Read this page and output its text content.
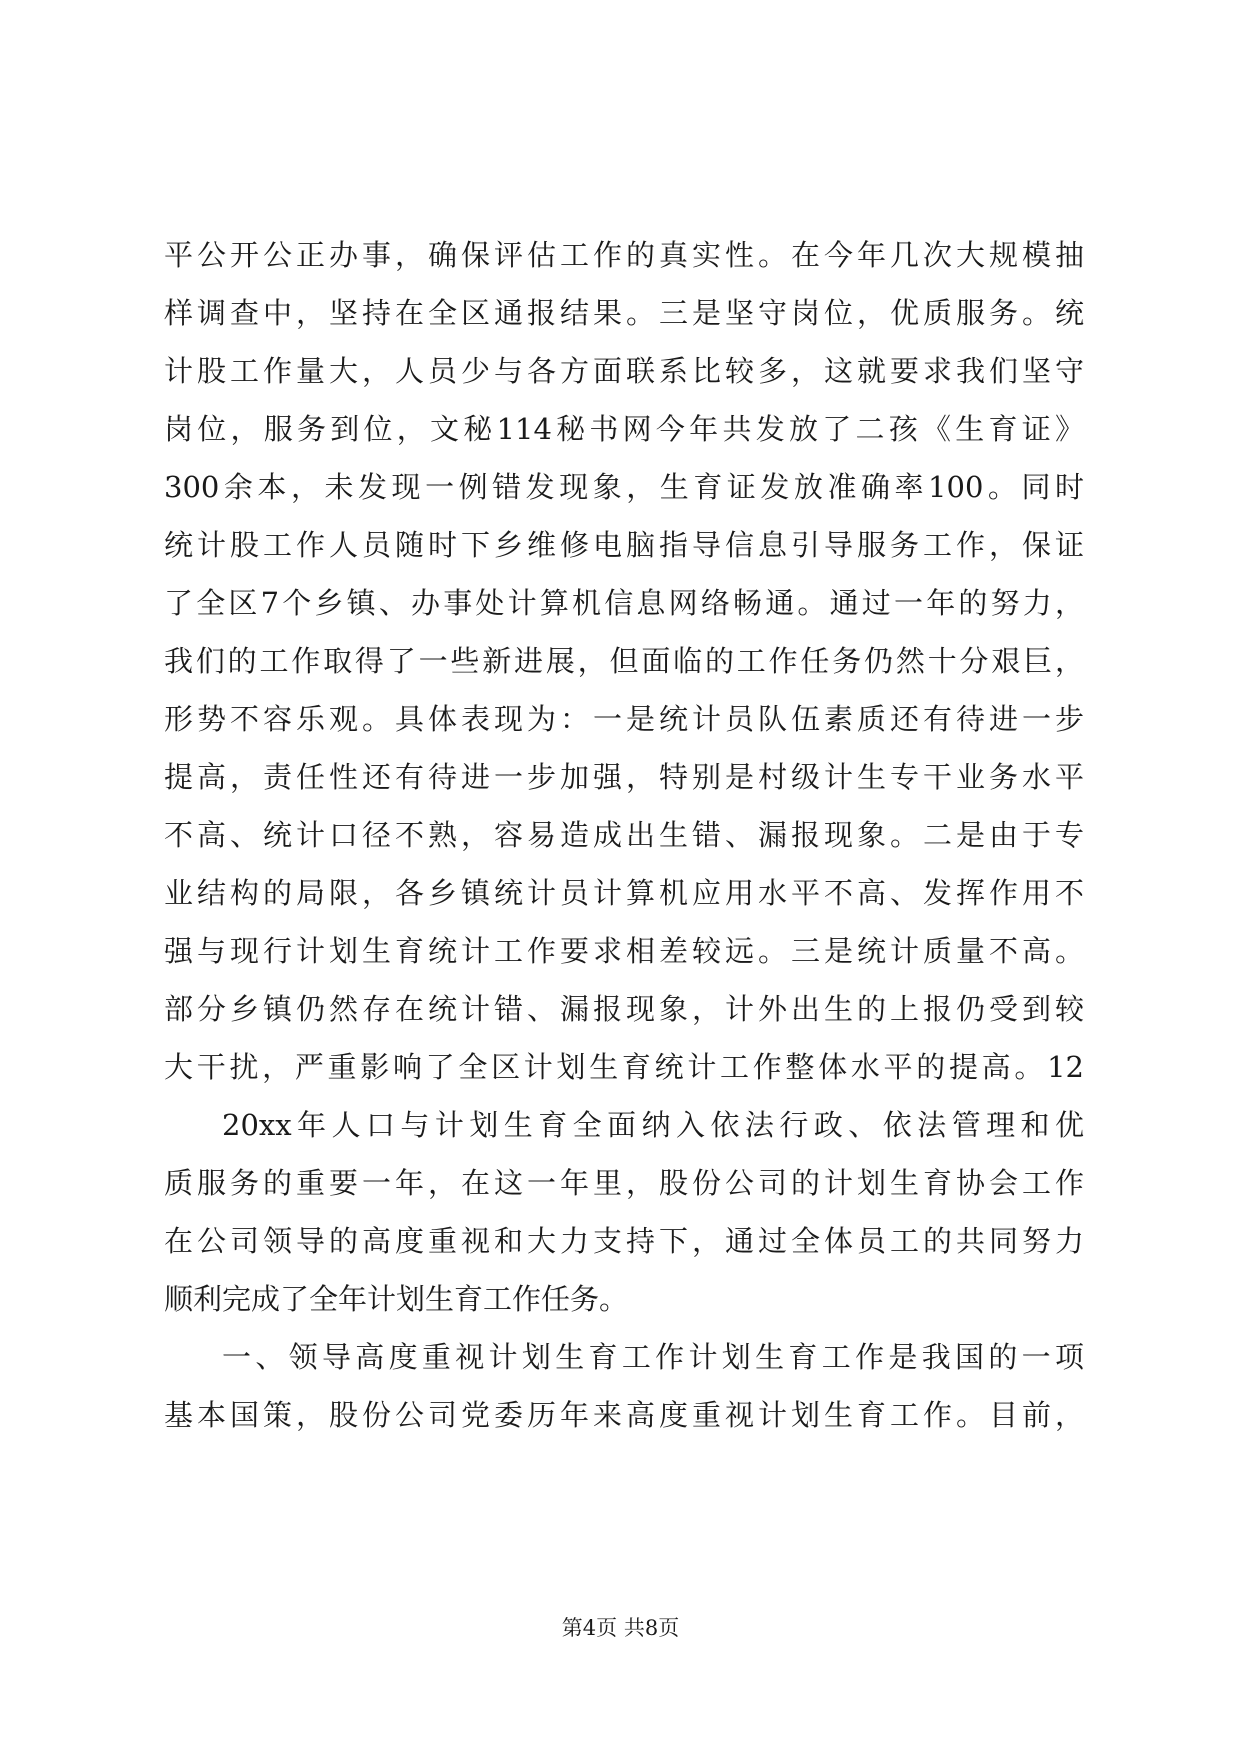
平公开公正办事，确保评估工作的真实性。在今年几次大规模抽
样调查中，坚持在全区通报结果。三是坚守岗位，优质服务。统
计股工作量大，人员少与各方面联系比较多，这就要求我们坚守
岗位，服务到位，文秘114秘书网今年共发放了二孩《生育证》
300余本，未发现一例错发现象，生育证发放准确率100。同时
统计股工作人员随时下乡维修电脑指导信息引导服务工作，保证
了全区7个乡镇、办事处计算机信息网络畅通。通过一年的努力，
我们的工作取得了一些新进展，但面临的工作任务仍然十分艰巨，
形势不容乐观。具体表现为：一是统计员队伍素质还有待进一步
提高，责任性还有待进一步加强，特别是村级计生专干业务水平
不高、统计口径不熟，容易造成出生错、漏报现象。二是由于专
业结构的局限，各乡镇统计员计算机应用水平不高、发挥作用不
强与现行计划生育统计工作要求相差较远。三是统计质量不高。
部分乡镇仍然存在统计错、漏报现象，计外出生的上报仍受到较
大干扰，严重影响了全区计划生育统计工作整体水平的提高。12
20xx年人口与计划生育全面纳入依法行政、依法管理和优
质服务的重要一年，在这一年里，股份公司的计划生育协会工作
在公司领导的高度重视和大力支持下，通过全体员工的共同努力
顺利完成了全年计划生育工作任务。
一、领导高度重视计划生育工作计划生育工作是我国的一项
基本国策，股份公司党委历年来高度重视计划生育工作。目前，
第4页 共8页
